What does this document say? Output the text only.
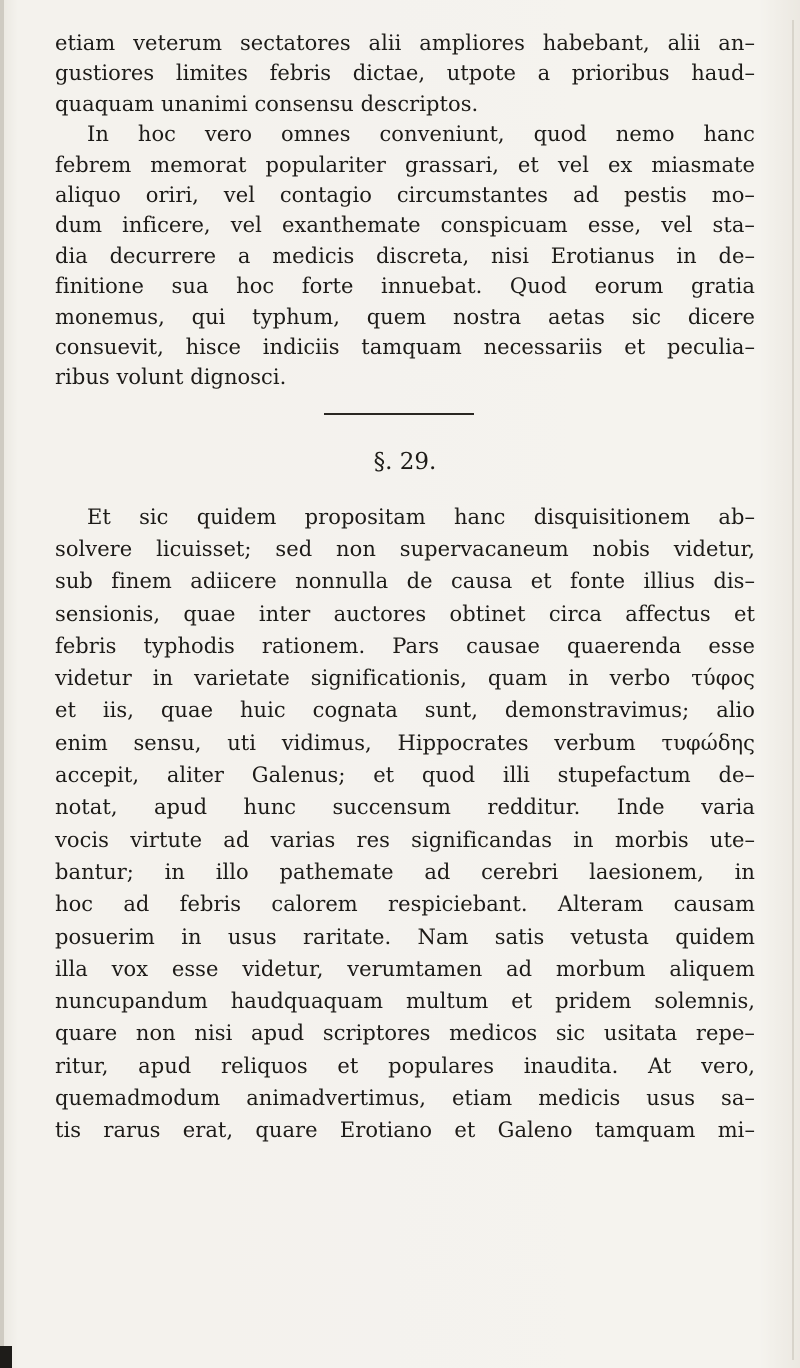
etiam veterum sectatores alii ampliores habebant, alii an–
gustiores limites febris dictae, utpote a prioribus haud–
quaquam unanimi consensu descriptos.
In hoc vero omnes conveniunt, quod nemo hanc
febrem memorat populariter grassari, et vel ex miasmate
aliquo oriri, vel contagio circumstantes ad pestis mo–
dum inficere, vel exanthemate conspicuam esse, vel sta–
dia decurrere a medicis discreta, nisi Erotianus in de–
finitione sua hoc forte innuebat. Quod eorum gratia
monemus, qui typhum, quem nostra aetas sic dicere
consuevit, hisce indiciis tamquam necessariis et peculia–
ribus volunt dignosci.
§. 29.
Et sic quidem propositam hanc disquisitionem ab–
solvere licuisset; sed non supervacaneum nobis videtur,
sub finem adiicere nonnulla de causa et fonte illius dis–
sensionis, quae inter auctores obtinet circa affectus et
febris typhodis rationem. Pars causae quaerenda esse
videtur in varietate significationis, quam in verbo τύφος
et iis, quae huic cognata sunt, demonstravimus; alio
enim sensu, uti vidimus, Hippocrates verbum τυφώδης
accepit, aliter Galenus; et quod illi stupefactum de–
notat, apud hunc succensum redditur. Inde varia
vocis virtute ad varias res significandas in morbis ute–
bantur; in illo pathemate ad cerebri laesionem, in
hoc ad febris calorem respiciebant. Alteram causam
posuerim in usus raritate. Nam satis vetusta quidem
illa vox esse videtur, verumtamen ad morbum aliquem
nuncupandum haudquaquam multum et pridem solemnis,
quare non nisi apud scriptores medicos sic usitata repe–
ritur, apud reliquos et populares inaudita. At vero,
quemadmodum animadvertimus, etiam medicis usus sa–
tis rarus erat, quare Erotiano et Galeno tamquam mi–
